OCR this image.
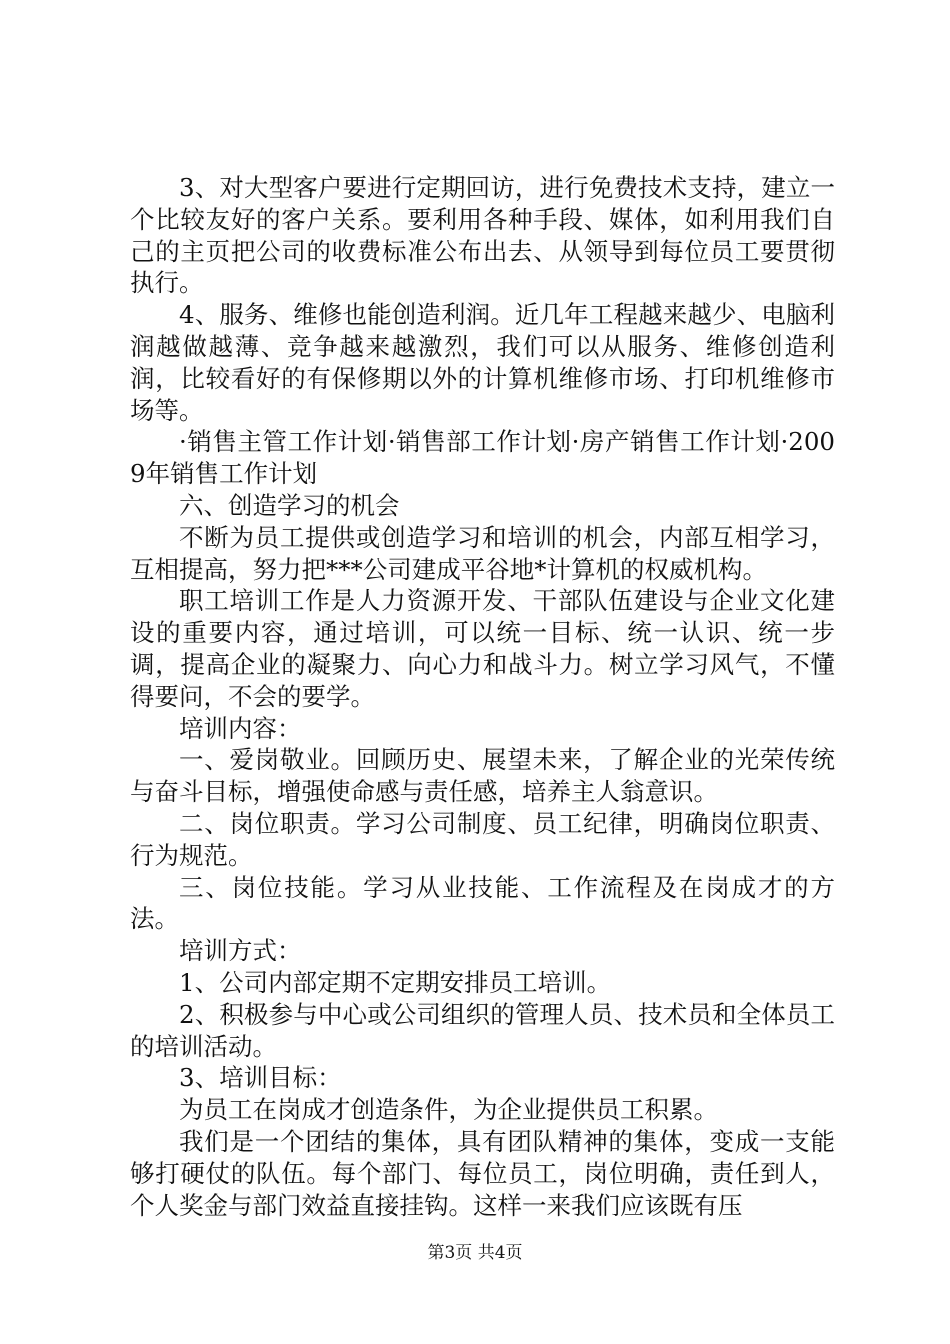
3、对大型客户要进行定期回访，进行免费技术支持，建立一个比较友好的客户关系。要利用各种手段、媒体，如利用我们自己的主页把公司的收费标准公布出去、从领导到每位员工要贯彻执行。

4、服务、维修也能创造利润。近几年工程越来越少、电脑利润越做越薄、竞争越来越激烈，我们可以从服务、维修创造利润，比较看好的有保修期以外的计算机维修市场、打印机维修市场等。

·销售主管工作计划·销售部工作计划·房产销售工作计划·2009年销售工作计划

六、创造学习的机会

不断为员工提供或创造学习和培训的机会，内部互相学习，互相提高，努力把***公司建成平谷地*计算机的权威机构。

职工培训工作是人力资源开发、干部队伍建设与企业文化建设的重要内容，通过培训，可以统一目标、统一认识、统一步调，提高企业的凝聚力、向心力和战斗力。树立学习风气，不懂得要问，不会的要学。

培训内容：

一、爱岗敬业。回顾历史、展望未来，了解企业的光荣传统与奋斗目标，增强使命感与责任感，培养主人翁意识。

二、岗位职责。学习公司制度、员工纪律，明确岗位职责、行为规范。

三、岗位技能。学习从业技能、工作流程及在岗成才的方法。

培训方式：

1、公司内部定期不定期安排员工培训。

2、积极参与中心或公司组织的管理人员、技术员和全体员工的培训活动。

3、培训目标：

为员工在岗成才创造条件，为企业提供员工积累。

我们是一个团结的集体，具有团队精神的集体，变成一支能够打硬仗的队伍。每个部门、每位员工，岗位明确，责任到人，个人奖金与部门效益直接挂钩。这样一来我们应该既有压

第3页 共4页
